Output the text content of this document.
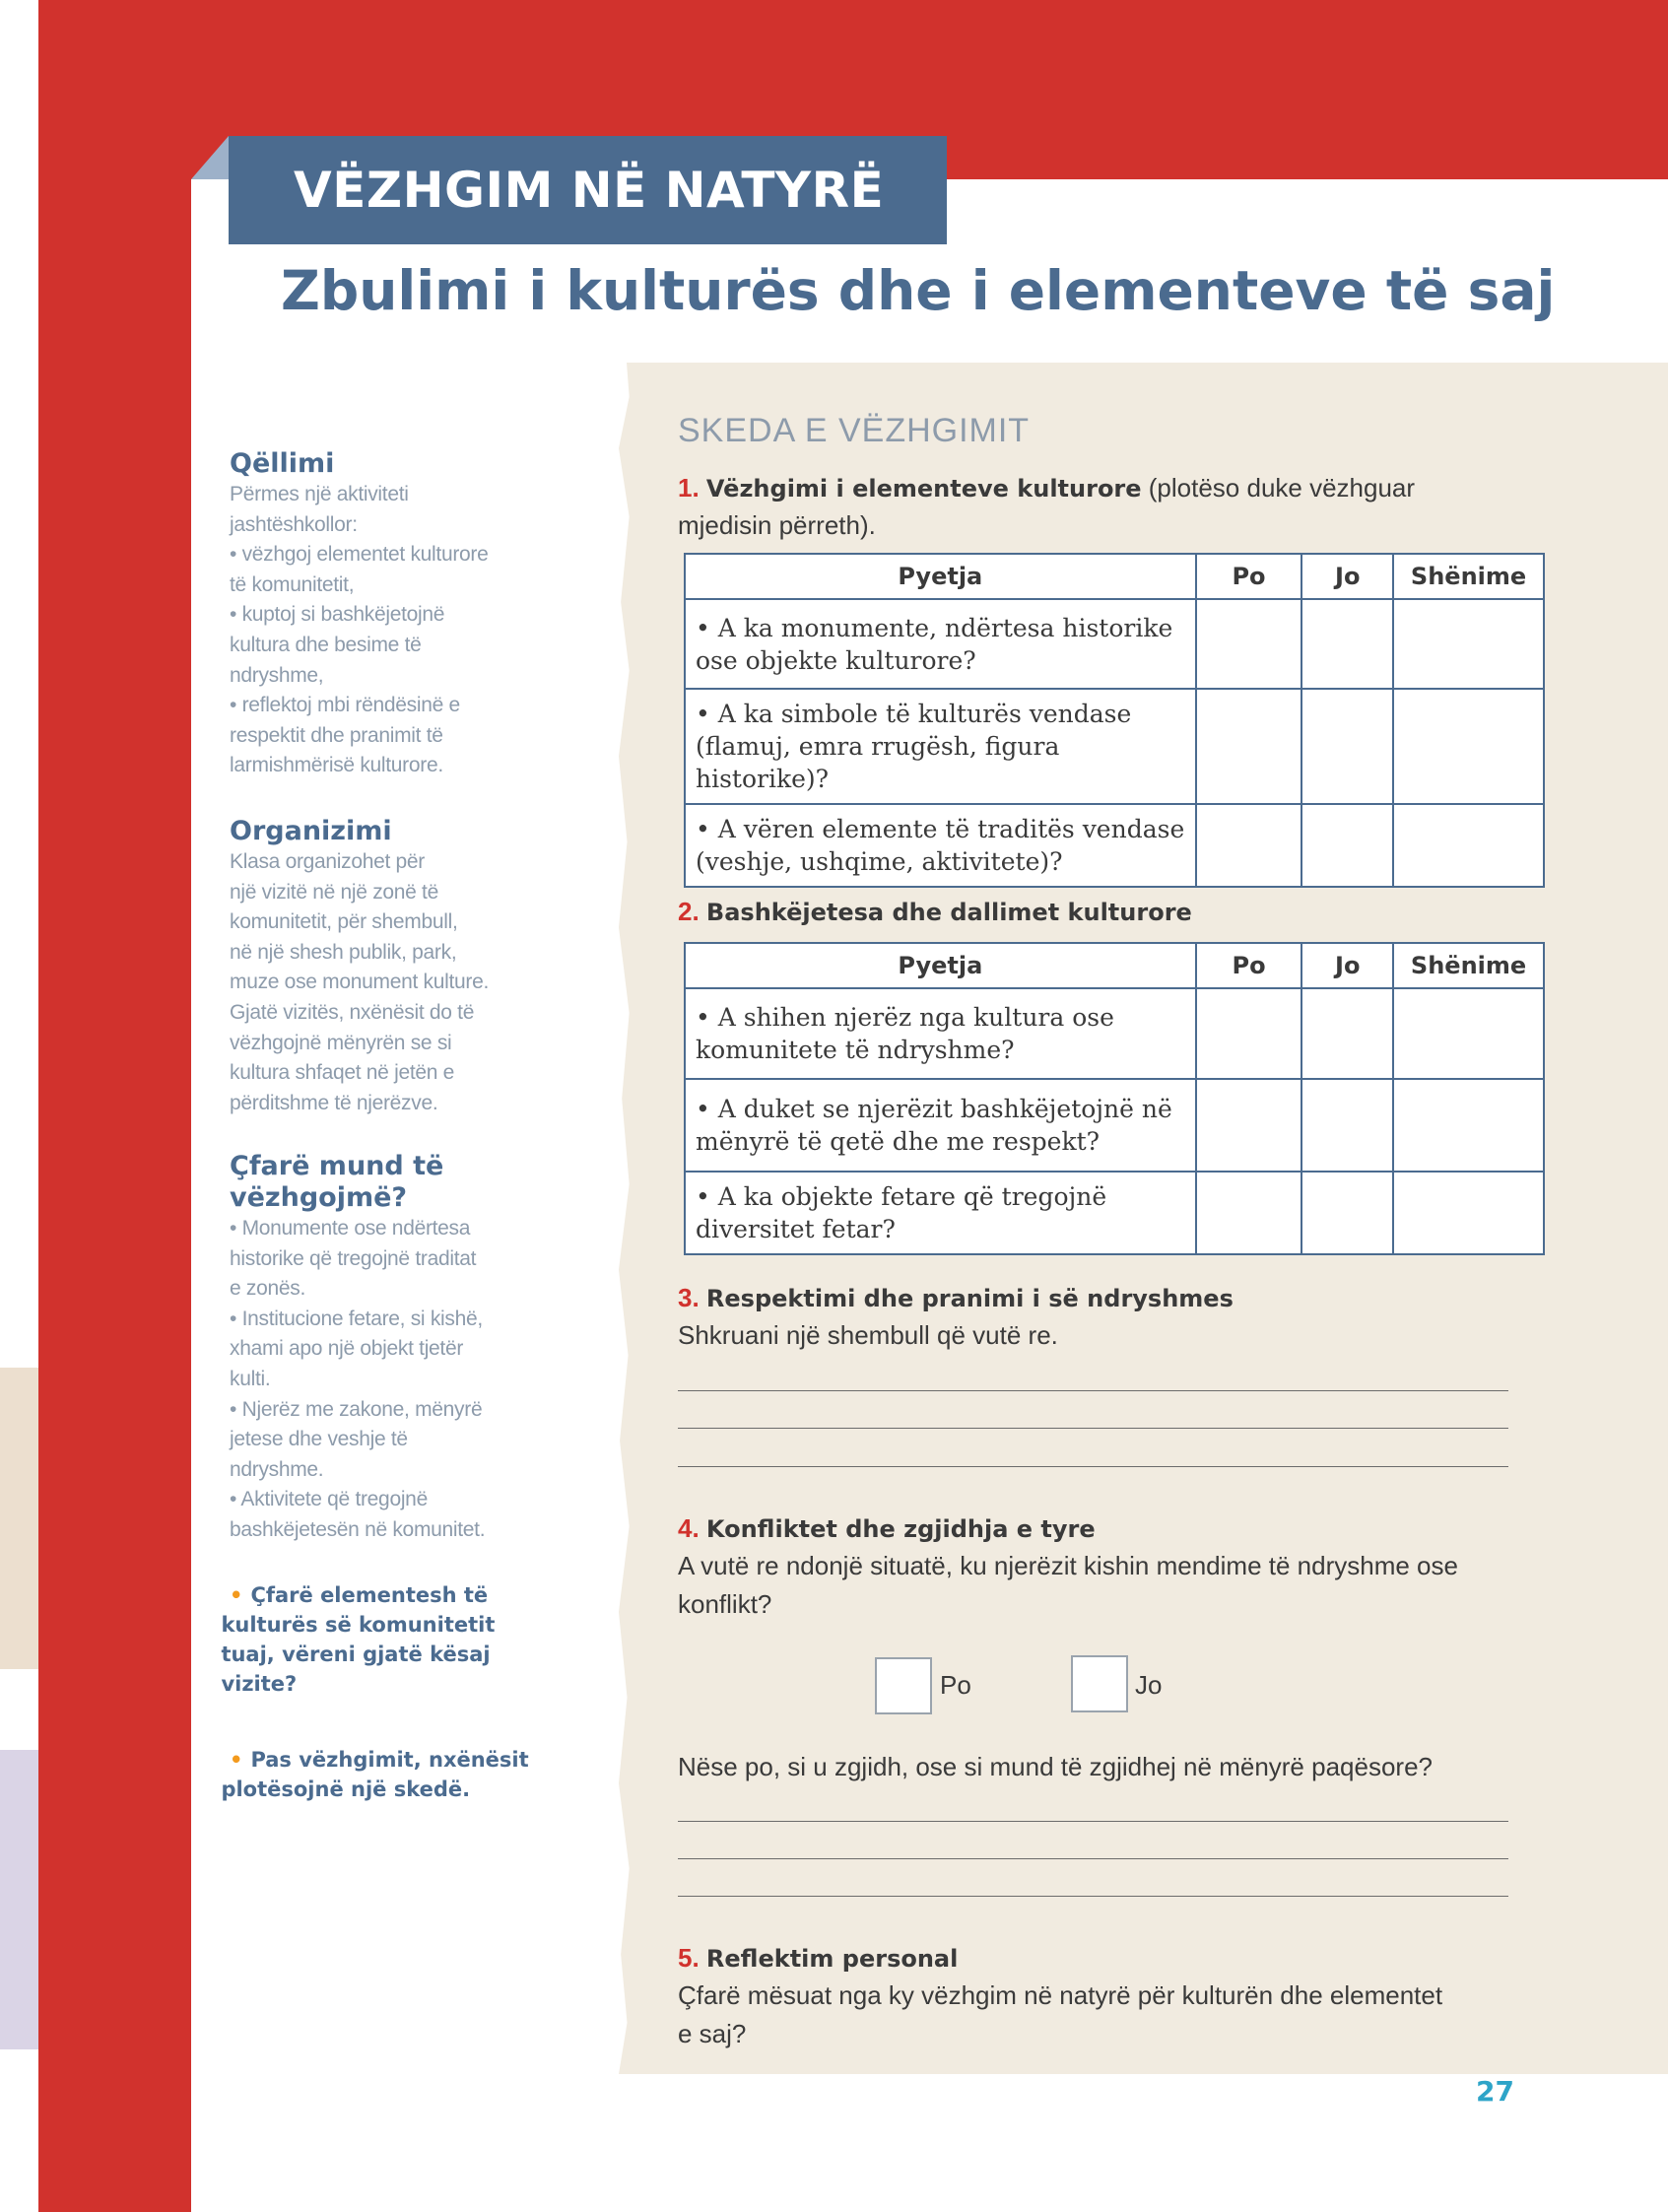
VËZHGIM NË NATYRË
Zbulimi i kulturës dhe i elementeve të saj
Qëllimi
Përmes një aktiviteti
jashtëshkollor:
• vëzhgoj elementet kulturore
të komunitetit,
• kuptoj si bashkëjetojnë
kultura dhe besime të
ndryshme,
• reflektoj mbi rëndësinë e
respektit dhe pranimit të
larmishmërisë kulturore.
Organizimi
Klasa organizohet për
një vizitë në një zonë të
komunitetit, për shembull,
në një shesh publik, park,
muze ose monument kulture.
Gjatë vizitës, nxënësit do të
vëzhgojnë mënyrën se si
kultura shfaqet në jetën e
përditshme të njerëzve.
Çfarë mund të
vëzhgojmë?
• Monumente ose ndërtesa
historike që tregojnë traditat
e zonës.
• Institucione fetare, si kishë,
xhami apo një objekt tjetër
kulti.
• Njerëz me zakone, mënyrë
jetese dhe veshje të
ndryshme.
• Aktivitete që tregojnë
bashkëjetesën në komunitet.
• Çfarë elementesh të
kulturës së komunitetit
tuaj, vëreni gjatë kësaj
vizite?
• Pas vëzhgimit, nxënësit
plotësojnë një skedë.
SKEDA E VËZHGIMIT
1. Vëzhgimi i elementeve kulturore (plotëso duke vëzhguar
mjedisin përreth).
Pyetja	Po	Jo	Shënime
• A ka monumente, ndërtesa historike ose objekte kulturore?			
• A ka simbole të kulturës vendase (flamuj, emra rrugësh, figura historike)?			
• A vëren elemente të traditës vendase (veshje, ushqime, aktivitete)?			
2. Bashkëjetesa dhe dallimet kulturore
Pyetja	Po	Jo	Shënime
• A shihen njerëz nga kultura ose komunitete të ndryshme?			
• A duket se njerëzit bashkëjetojnë në mënyrë të qetë dhe me respekt?			
• A ka objekte fetare që tregojnë diversitet fetar?			
3. Respektimi dhe pranimi i së ndryshmes
Shkruani një shembull që vutë re.
4. Konfliktet dhe zgjidhja e tyre
A vutë re ndonjë situatë, ku njerëzit kishin mendime të ndryshme ose konflikt?
Po	Jo
Nëse po, si u zgjidh, ose si mund të zgjidhej në mënyrë paqësore?
5. Reflektim personal
Çfarë mësuat nga ky vëzhgim në natyrë për kulturën dhe elementet e saj?
27
